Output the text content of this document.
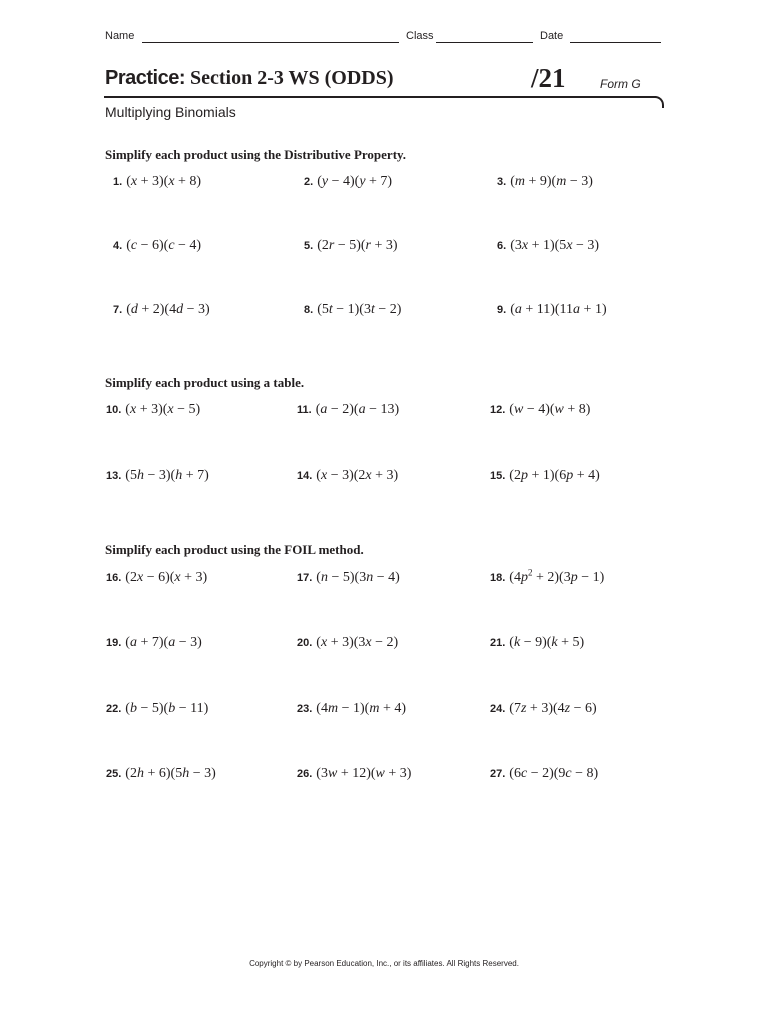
Name	Class	Date
Practice: Section 2-3 WS (ODDS)	/21	Form G
Multiplying Binomials
Simplify each product using the Distributive Property.
Simplify each product using a table.
Simplify each product using the FOIL method.
1. (x + 3)(x + 8)	2. (y − 4)(y + 7)	3. (m + 9)(m − 3)
4. (c − 6)(c − 4)	5. (2r − 5)(r + 3)	6. (3x + 1)(5x − 3)
7. (d + 2)(4d − 3)	8. (5t − 1)(3t − 2)	9. (a + 11)(11a + 1)
10. (x + 3)(x − 5)	11. (a − 2)(a − 13)	12. (w − 4)(w + 8)
13. (5h − 3)(h + 7)	14. (x − 3)(2x + 3)	15. (2p + 1)(6p + 4)
16. (2x − 6)(x + 3)	17. (n − 5)(3n − 4)	18. $(4p^2 + 2)(3p - 1)$
19. (a + 7)(a − 3)	20. (x + 3)(3x − 2)	21. (k − 9)(k + 5)
22. (b − 5)(b − 11)	23. (4m − 1)(m + 4)	24. (7z + 3)(4z − 6)
25. (2h + 6)(5h − 3)	26. (3w + 12)(w + 3)	27. (6c − 2)(9c − 8)
Copyright © by Pearson Education, Inc., or its affiliates. All Rights Reserved.
